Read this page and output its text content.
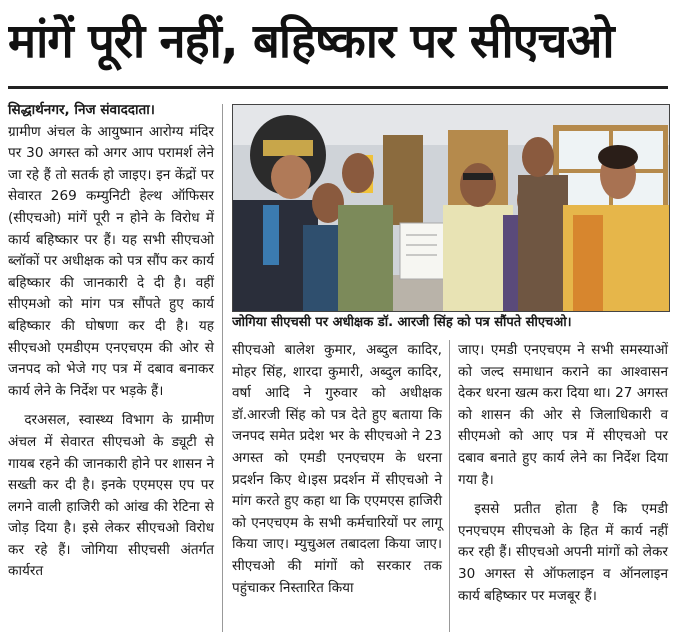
मांगें पूरी नहीं, बहिष्कार पर सीएचओ

सिद्धार्थनगर, निज संवाददाता।
ग्रामीण अंचल के आयुष्मान आरोग्य मंदिर पर 30 अगस्त को अगर आप परामर्श लेने जा रहे हैं तो सतर्क हो जाइए। इन केंद्रों पर सेवारत 269 कम्युनिटी हेल्थ ऑफिसर (सीएचओ) मांगें पूरी न होने के विरोध में कार्य बहिष्कार पर हैं। यह सभी सीएचओ ब्लॉकों पर अधीक्षक को पत्र सौंप कर कार्य बहिष्कार की जानकारी दे दी है। वहीं सीएमओ को मांग पत्र सौंपते हुए कार्य बहिष्कार की घोषणा कर दी है। यह सीएचओ एमडीएम एनएचएम की ओर से जनपद को भेजे गए पत्र में दबाव बनाकर कार्य लेने के निर्देश पर भड़के हैं।

दरअसल, स्वास्थ्य विभाग के ग्रामीण अंचल में सेवारत सीएचओ के ड्यूटी से गायब रहने की जानकारी होने पर शासन ने सख्ती कर दी है। इनके एएमएस एप पर लगने वाली हाजिरी को आंख की रेटिना से जोड़ दिया है। इसे लेकर सीएचओ विरोध कर रहे हैं। जोगिया सीएचसी अंतर्गत कार्यरत

जोगिया सीएचसी पर अधीक्षक डॉ. आरजी सिंह को पत्र सौंपते सीएचओ।

सीएचओ बालेश कुमार, अब्दुल कादिर, मोहर सिंह, शारदा कुमारी, अब्दुल कादिर, वर्षा आदि ने गुरुवार को अधीक्षक डॉ.आरजी सिंह को पत्र देते हुए बताया कि जनपद समेत प्रदेश भर के सीएचओ ने 23 अगस्त को एमडी एनएचएम के धरना प्रदर्शन किए थे।इस प्रदर्शन में सीएचओ ने मांग करते हुए कहा था कि एएमएस हाजिरी को एनएचएम के सभी कर्मचारियों पर लागू किया जाए। म्युचुअल तबादला किया जाए। सीएचओ की मांगों को सरकार तक पहुंचाकर निस्तारित किया

जाए। एमडी एनएचएम ने सभी समस्याओं को जल्द समाधान कराने का आश्वासन देकर धरना खत्म करा दिया था। 27 अगस्त को शासन की ओर से जिलाधिकारी व सीएमओ को आए पत्र में सीएचओ पर दबाव बनाते हुए कार्य लेने का निर्देश दिया गया है।

इससे प्रतीत होता है कि एमडी एनएचएम सीएचओ के हित में कार्य नहीं कर रही हैं। सीएचओ अपनी मांगों को लेकर 30 अगस्त से ऑफलाइन व ऑनलाइन कार्य बहिष्कार पर मजबूर हैं।
